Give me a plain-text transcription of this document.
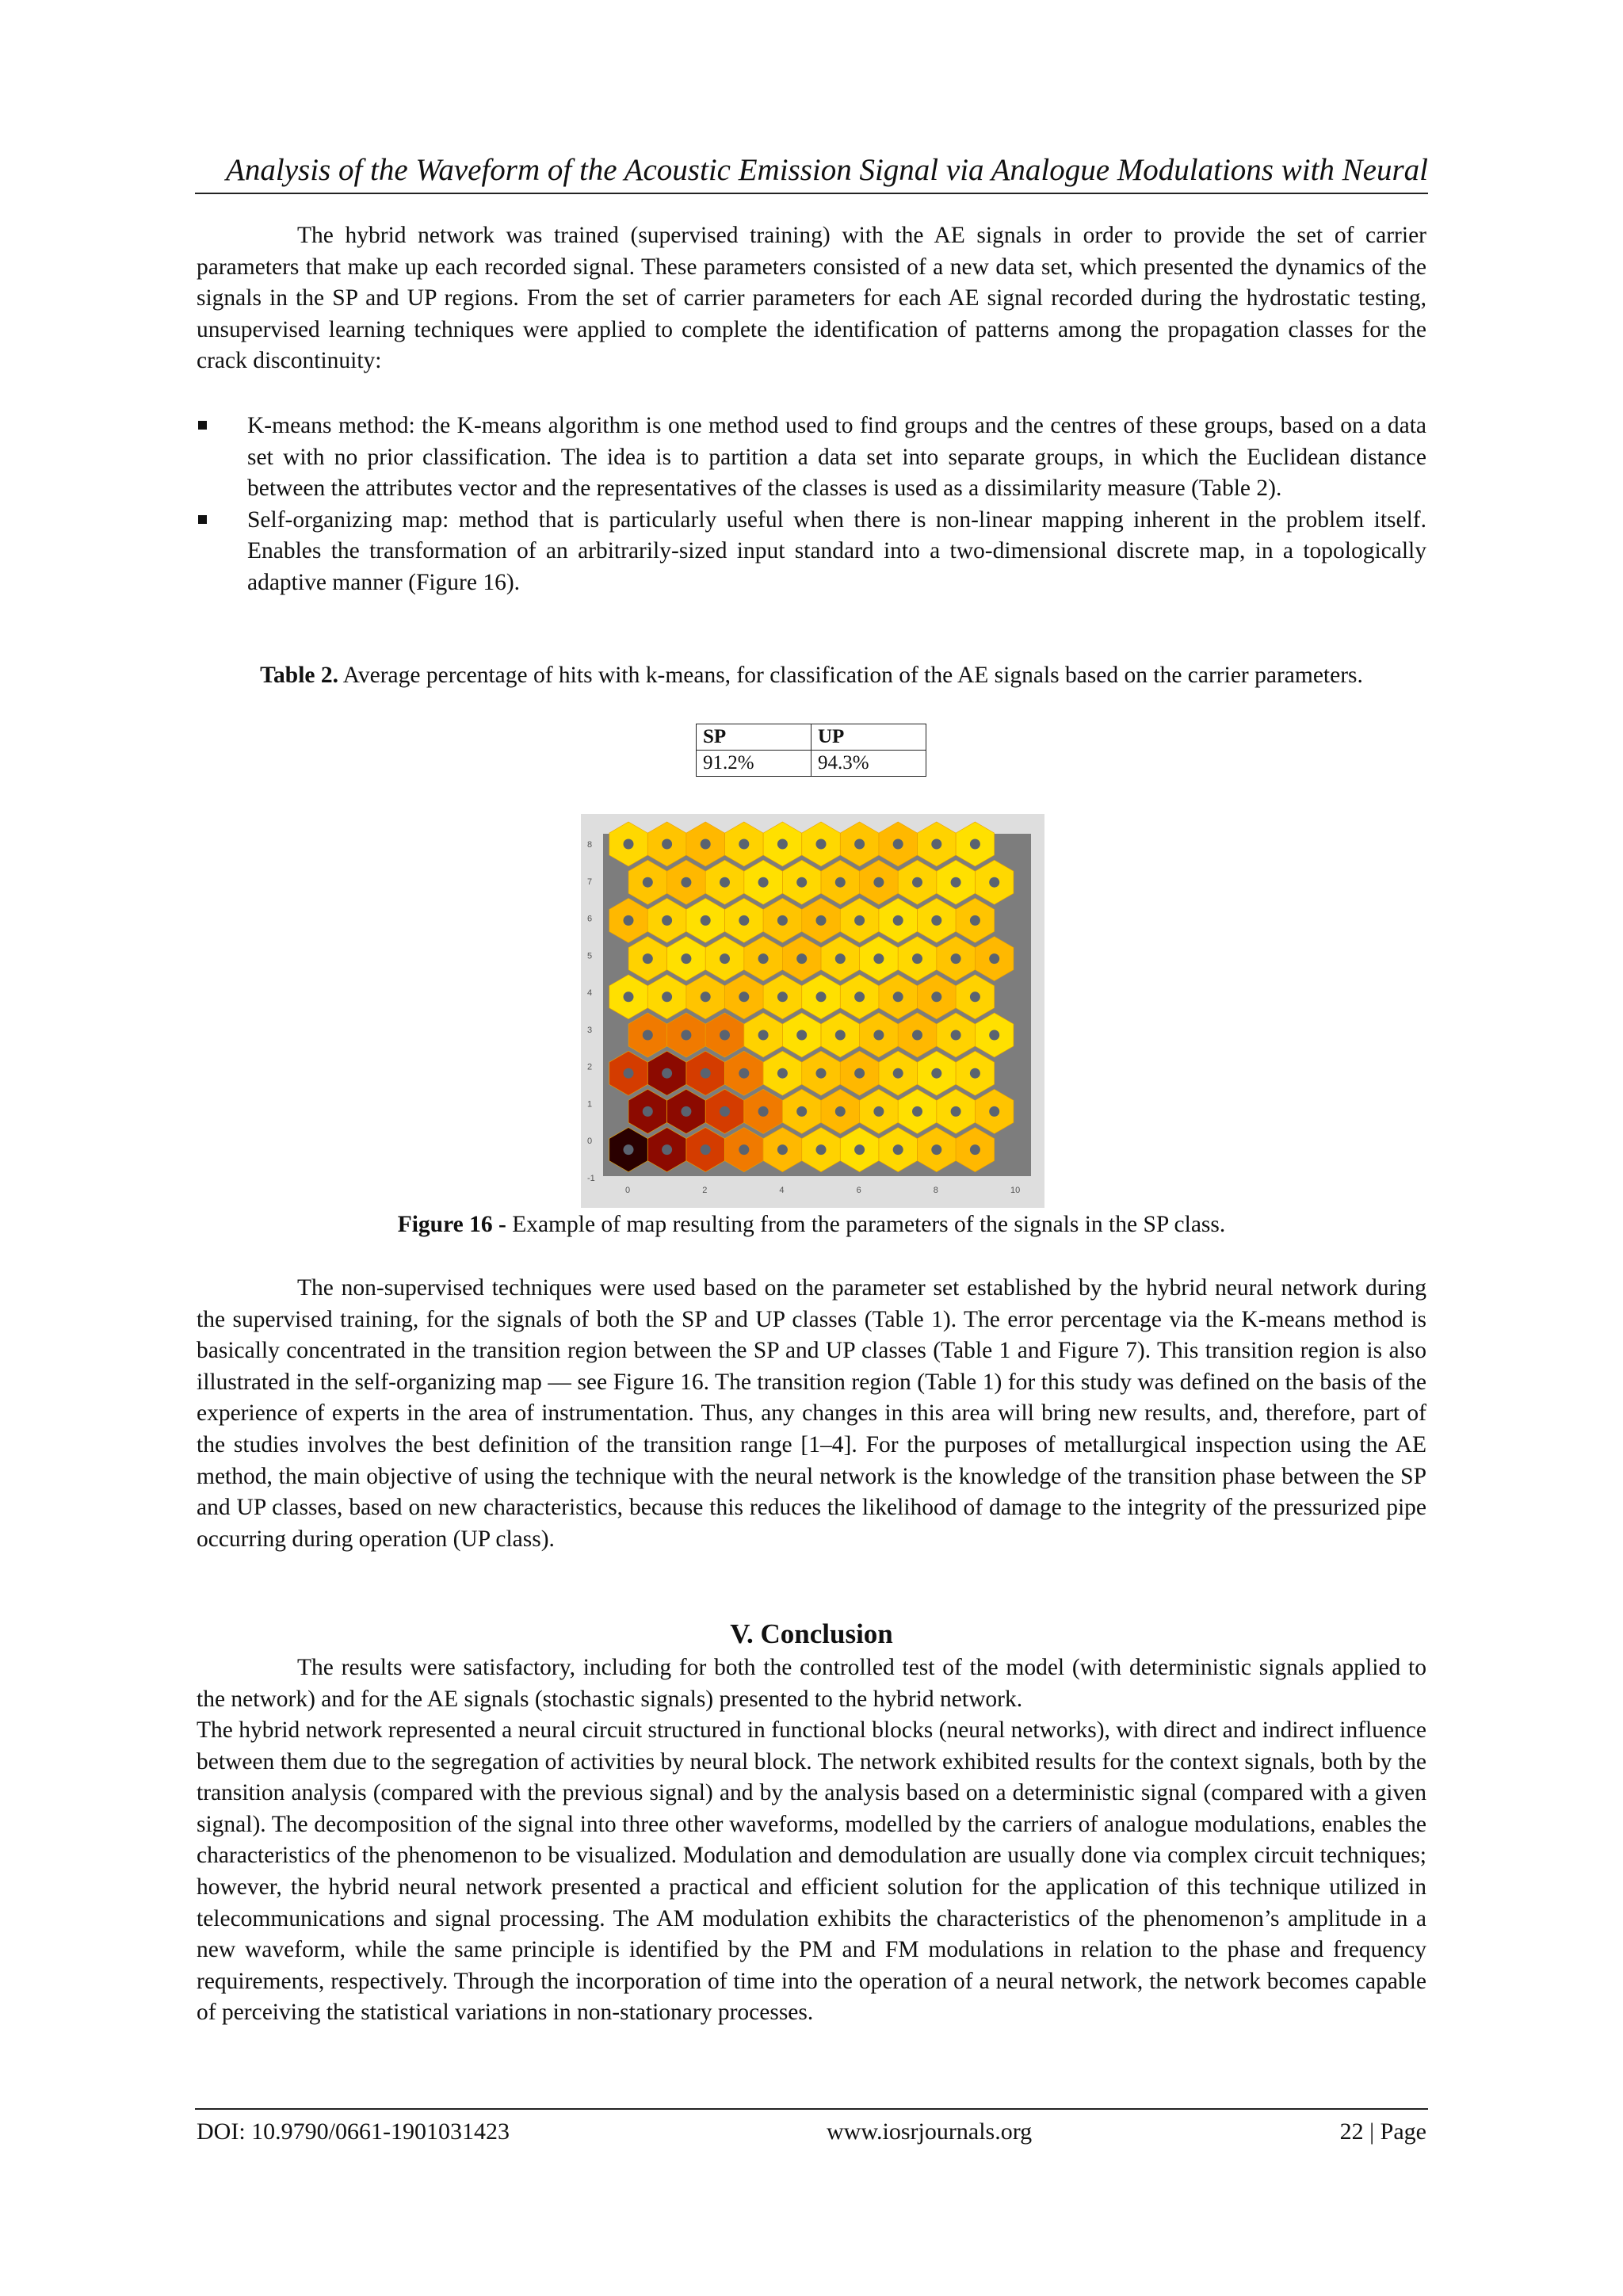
Analysis of the Waveform of the Acoustic Emission Signal via Analogue Modulations with Neural

The hybrid network was trained (supervised training) with the AE signals in order to provide the set of carrier parameters that make up each recorded signal. These parameters consisted of a new data set, which presented the dynamics of the signals in the SP and UP regions. From the set of carrier parameters for each AE signal recorded during the hydrostatic testing, unsupervised learning techniques were applied to complete the identification of patterns among the propagation classes for the crack discontinuity:

K-means method: the K-means algorithm is one method used to find groups and the centres of these groups, based on a data set with no prior classification. The idea is to partition a data set into separate groups, in which the Euclidean distance between the attributes vector and the representatives of the classes is used as a dissimilarity measure (Table 2).
Self-organizing map: method that is particularly useful when there is non-linear mapping inherent in the problem itself. Enables the transformation of an arbitrarily-sized input standard into a two-dimensional discrete map, in a topologically adaptive manner (Figure 16).

Table 2. Average percentage of hits with k-means, for classification of the AE signals based on the carrier parameters.

SP	UP
91.2%	94.3%
8
7
6
5
4
3
2
1
0
-1
0	2	4	6	8	10

Figure 16 - Example of map resulting from the parameters of the signals in the SP class.

The non-supervised techniques were used based on the parameter set established by the hybrid neural network during the supervised training, for the signals of both the SP and UP classes (Table 1). The error percentage via the K-means method is basically concentrated in the transition region between the SP and UP classes (Table 1 and Figure 7). This transition region is also illustrated in the self-organizing map — see Figure 16. The transition region (Table 1) for this study was defined on the basis of the experience of experts in the area of instrumentation. Thus, any changes in this area will bring new results, and, therefore, part of the studies involves the best definition of the transition range [1–4]. For the purposes of metallurgical inspection using the AE method, the main objective of using the technique with the neural network is the knowledge of the transition phase between the SP and UP classes, based on new characteristics, because this reduces the likelihood of damage to the integrity of the pressurized pipe occurring during operation (UP class).

V. Conclusion

The results were satisfactory, including for both the controlled test of the model (with deterministic signals applied to the network) and for the AE signals (stochastic signals) presented to the hybrid network.

The hybrid network represented a neural circuit structured in functional blocks (neural networks), with direct and indirect influence between them due to the segregation of activities by neural block. The network exhibited results for the context signals, both by the transition analysis (compared with the previous signal) and by the analysis based on a deterministic signal (compared with a given signal). The decomposition of the signal into three other waveforms, modelled by the carriers of analogue modulations, enables the characteristics of the phenomenon to be visualized. Modulation and demodulation are usually done via complex circuit techniques; however, the hybrid neural network presented a practical and efficient solution for the application of this technique utilized in telecommunications and signal processing. The AM modulation exhibits the characteristics of the phenomenon’s amplitude in a new waveform, while the same principle is identified by the PM and FM modulations in relation to the phase and frequency requirements, respectively. Through the incorporation of time into the operation of a neural network, the network becomes capable of perceiving the statistical variations in non-stationary processes.

DOI: 10.9790/0661-1901031423	www.iosrjournals.org	22 | Page
